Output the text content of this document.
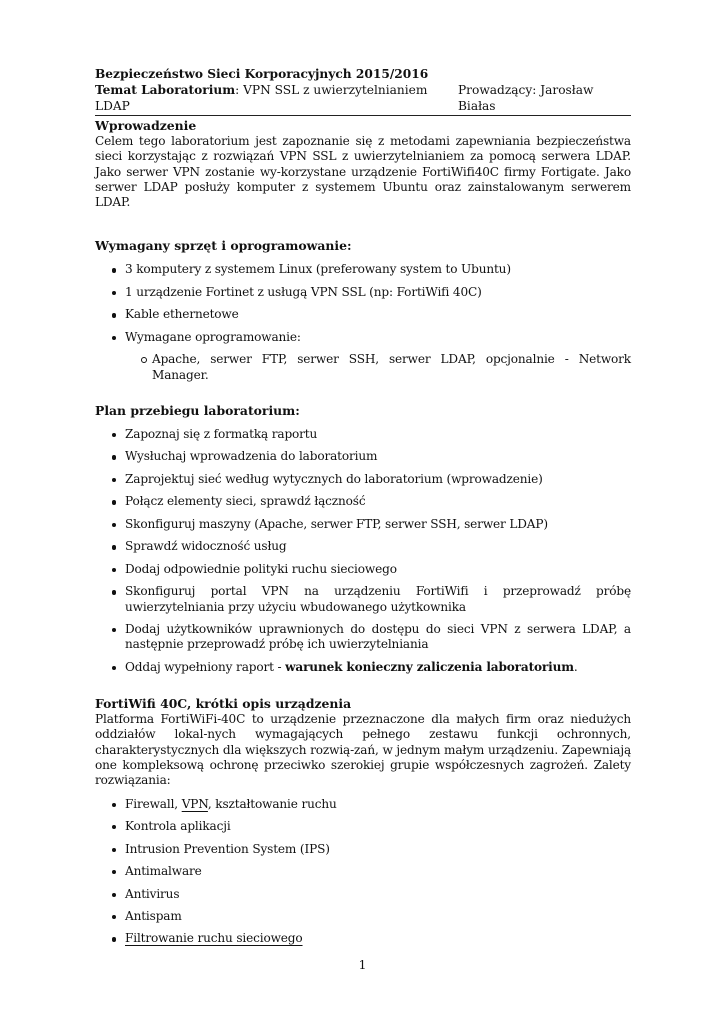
Bezpieczeństwo Sieci Korporacyjnych 2015/2016
Temat Laboratorium: VPN SSL z uwierzytelnianiem LDAP
Prowadzący: Jarosław Białas
Wprowadzenie

Celem tego laboratorium jest zapoznanie się z metodami zapewniania bezpieczeństwa sieci korzystając z rozwiązań VPN SSL z uwierzytelnianiem za pomocą serwera LDAP. Jako serwer VPN zostanie wy-korzystane urządzenie FortiWifi40C firmy Fortigate. Jako serwer LDAP posłuży komputer z systemem Ubuntu oraz zainstalowanym serwerem LDAP.

Wymagany sprzęt i oprogramowanie:
3 komputery z systemem Linux (preferowany system to Ubuntu)
1 urządzenie Fortinet z usługą VPN SSL (np: FortiWifi 40C)
Kable ethernetowe
Wymagane oprogramowanie:
Apache, serwer FTP, serwer SSH, serwer LDAP, opcjonalnie - Network Manager.
Plan przebiegu laboratorium:
Zapoznaj się z formatką raportu
Wysłuchaj wprowadzenia do laboratorium
Zaprojektuj sieć według wytycznych do laboratorium (wprowadzenie)
Połącz elementy sieci, sprawdź łączność
Skonfiguruj maszyny (Apache, serwer FTP, serwer SSH, serwer LDAP)
Sprawdź widoczność usług
Dodaj odpowiednie polityki ruchu sieciowego
Skonfiguruj portal VPN na urządzeniu FortiWifi i przeprowadź próbę uwierzytelniania przy użyciu wbudowanego użytkownika
Dodaj użytkowników uprawnionych do dostępu do sieci VPN z serwera LDAP, a następnie przeprowadź próbę ich uwierzytelniania
Oddaj wypełniony raport - warunek konieczny zaliczenia laboratorium.
FortiWifi 40C, krótki opis urządzenia

Platforma FortiWiFi-40C to urządzenie przeznaczone dla małych firm oraz niedużych oddziałów lokal-nych wymagających pełnego zestawu funkcji ochronnych, charakterystycznych dla większych rozwią-zań, w jednym małym urządzeniu. Zapewniają one kompleksową ochronę przeciwko szerokiej grupie współczesnych zagrożeń. Zalety rozwiązania:

Firewall, VPN, kształtowanie ruchu
Kontrola aplikacji
Intrusion Prevention System (IPS)
Antimalware
Antivirus
Antispam
Filtrowanie ruchu sieciowego
1
